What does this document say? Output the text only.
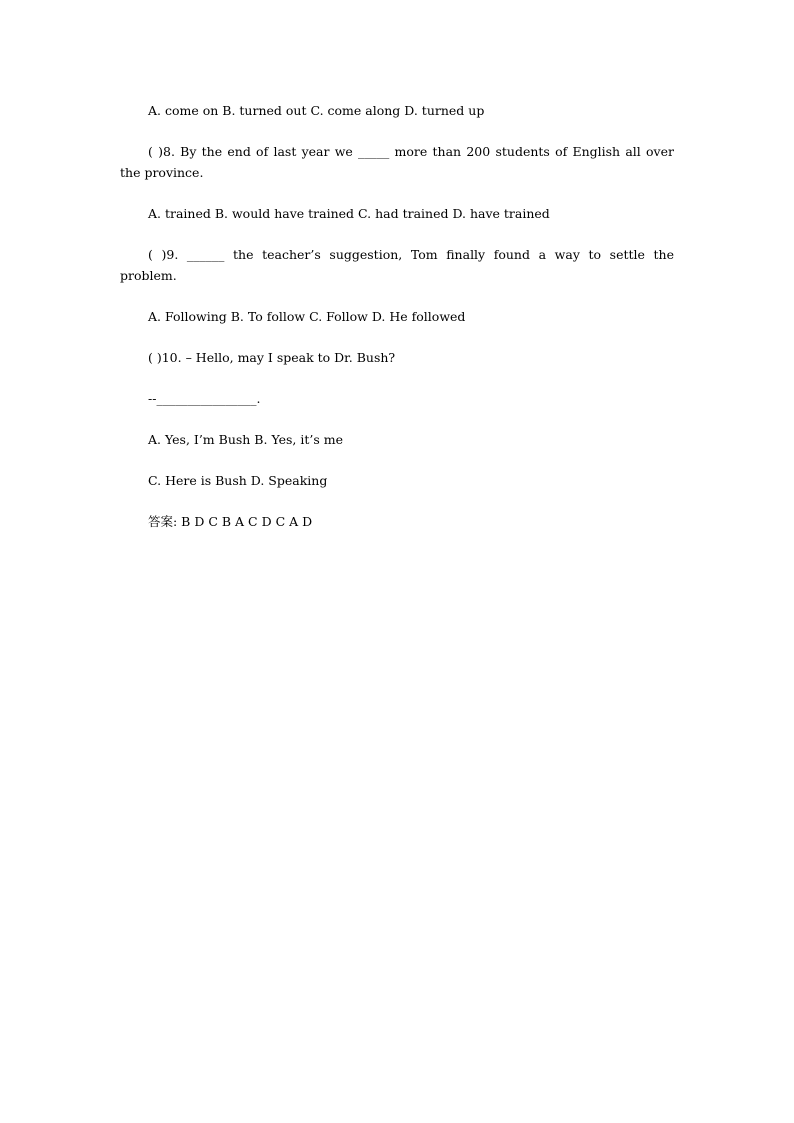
A. come on B. turned out C. come along D. turned up

( )8. By the end of last year we _____ more than 200 students of English all over the province.

A. trained B. would have trained C. had trained D. have trained

( )9. ______ the teacher’s suggestion, Tom finally found a way to settle the problem.

A. Following B. To follow C. Follow D. He followed

( )10. – Hello, may I speak to Dr. Bush?

--________________.

A. Yes, I’m Bush B. Yes, it’s me

C. Here is Bush D. Speaking

答案: B D C B A C D C A D
